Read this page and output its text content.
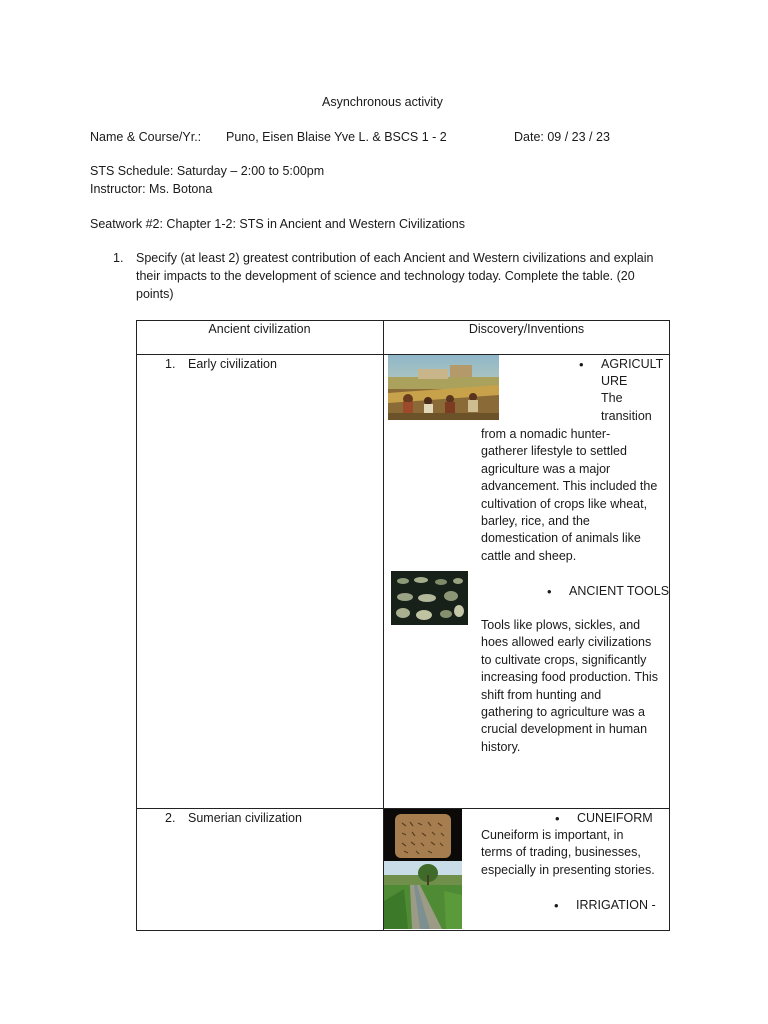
Asynchronous activity
Name & Course/Yr.: Puno, Eisen Blaise Yve L. & BSCS 1 - 2	Date: 09 / 23 / 23
STS Schedule: Saturday – 2:00 to 5:00pm
Instructor: Ms. Botona
Seatwork #2: Chapter 1-2: STS in Ancient and Western Civilizations
1. Specify (at least 2) greatest contribution of each Ancient and Western civilizations and explain
their impacts to the development of science and technology today. Complete the table. (20
points)
Ancient civilization	Discovery/Inventions
1. Early civilization	• AGRICULT
URE
The
transition
from a nomadic hunter-
gatherer lifestyle to settled
agriculture was a major
advancement. This included the
cultivation of crops like wheat,
barley, rice, and the
domestication of animals like
cattle and sheep.
• ANCIENT TOOLS
Tools like plows, sickles, and
hoes allowed early civilizations
to cultivate crops, significantly
increasing food production. This
shift from hunting and
gathering to agriculture was a
crucial development in human
history.
2. Sumerian civilization	• CUNEIFORM
Cuneiform is important, in
terms of trading, businesses,
especially in presenting stories.
• IRRIGATION -
